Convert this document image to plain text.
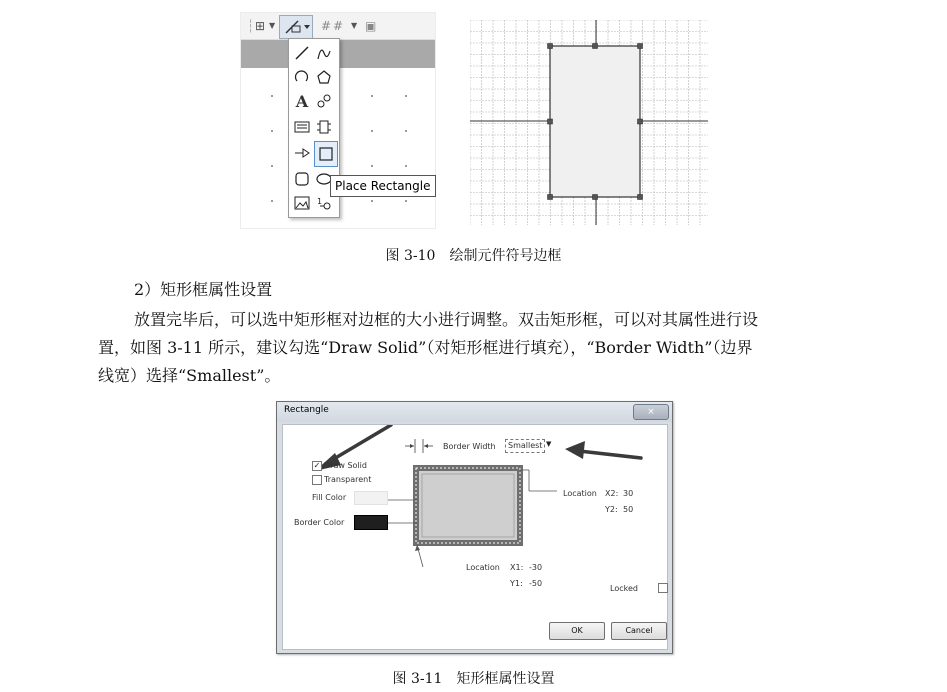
┆ ⊞ ▼	# # ▼ ▣
A
1
Place Rectangle
图 3-10　绘制元件符号边框
2）矩形框属性设置
放置完毕后，可以选中矩形框对边框的大小进行调整。双击矩形框，可以对其属性进行设
置，如图 3-11 所示，建议勾选“Draw Solid”（对矩形框进行填充），“Border Width”（边界
线宽）选择“Smallest”。
Rectangle	×
Border Width Smallest ▼
✓ Draw Solid
Transparent
Fill Color
Border Color
Location X2: 30
Y2: 50
Location X1: -30
Y1: -50
Locked
OK	Cancel
图 3-11　矩形框属性设置
